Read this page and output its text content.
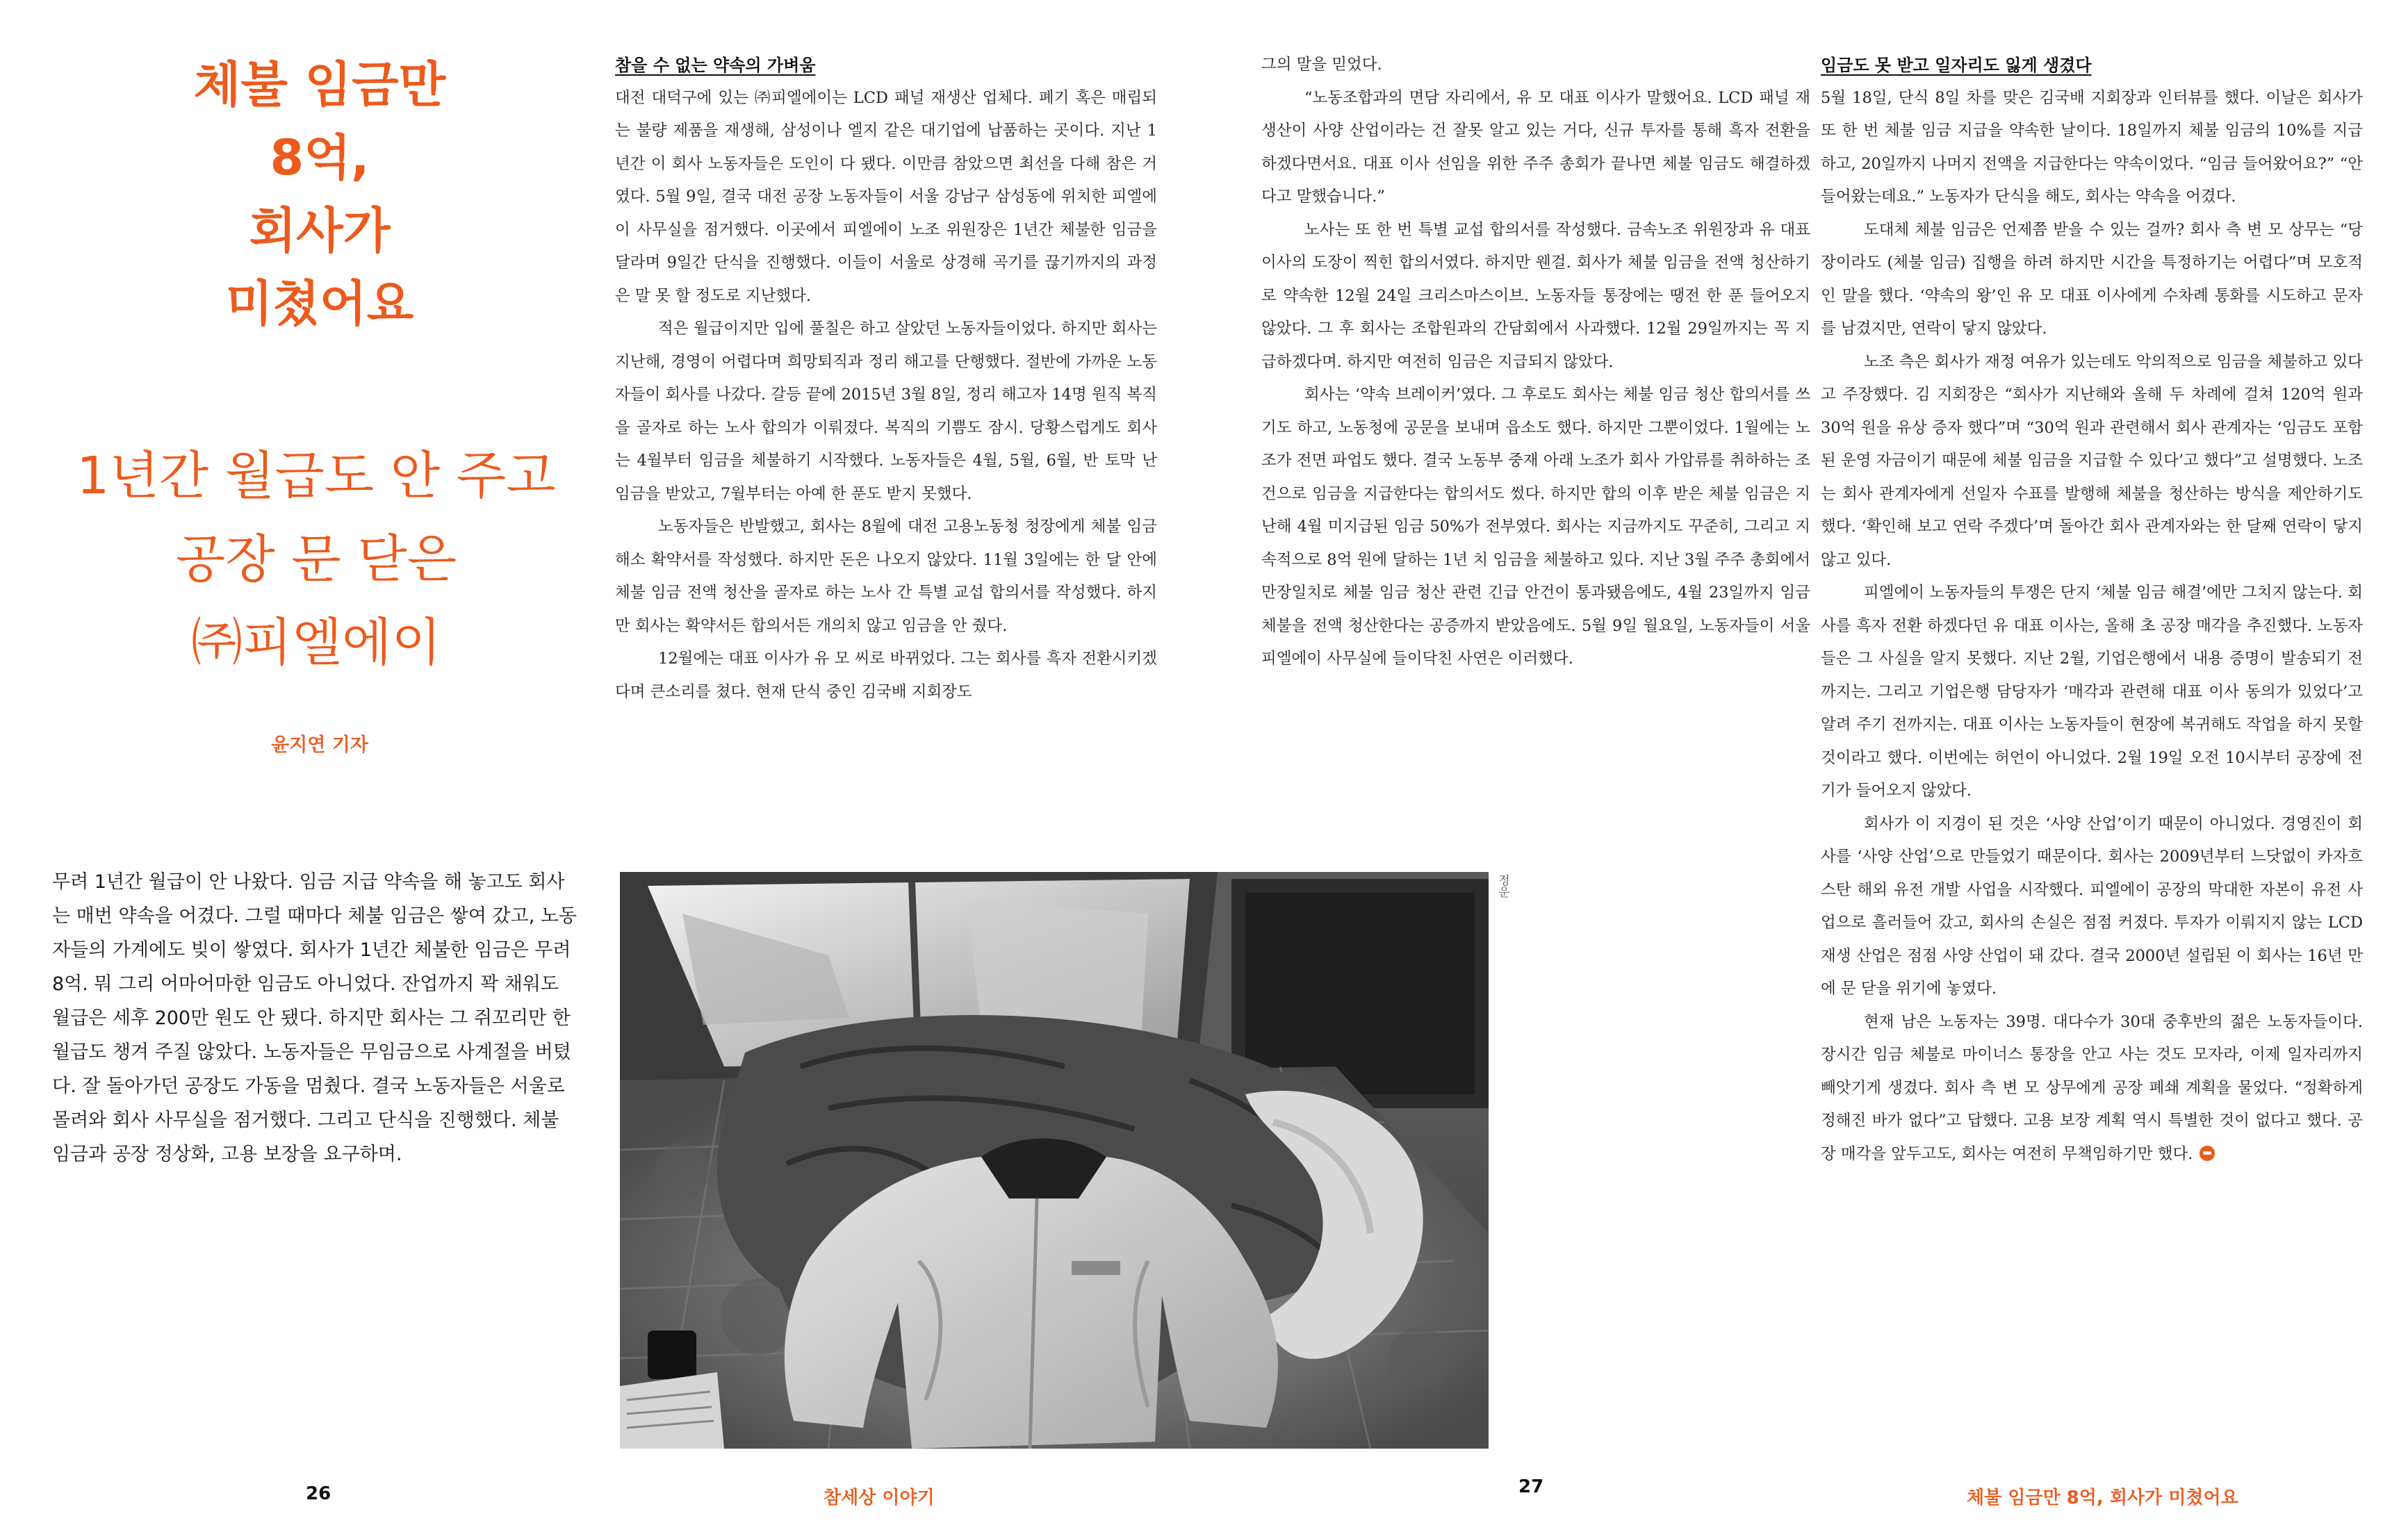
체불 임금만
8억,
회사가
미쳤어요
1년간 월급도 안 주고
공장 문 닫은
㈜피엘에이
윤지연 기자
무려 1년간 월급이 안 나왔다. 임금 지급 약속을 해 놓고도 회사는 매번 약속을 어겼다. 그럴 때마다 체불 임금은 쌓여 갔고, 노동자들의 가계에도 빚이 쌓였다. 회사가 1년간 체불한 임금은 무려 8억. 뭐 그리 어마어마한 임금도 아니었다. 잔업까지 꽉 채워도 월급은 세후 200만 원도 안 됐다. 하지만 회사는 그 쥐꼬리만 한 월급도 챙겨 주질 않았다. 노동자들은 무임금으로 사계절을 버텼다. 잘 돌아가던 공장도 가동을 멈췄다. 결국 노동자들은 서울로 몰려와 회사 사무실을 점거했다. 그리고 단식을 진행했다. 체불 임금과 공장 정상화, 고용 보장을 요구하며.
참을 수 없는 약속의 가벼움

대전 대덕구에 있는 ㈜피엘에이는 LCD 패널 재생산 업체다. 폐기 혹은 매립되는 불량 제품을 재생해, 삼성이나 엘지 같은 대기업에 납품하는 곳이다. 지난 1년간 이 회사 노동자들은 도인이 다 됐다. 이만큼 참았으면 최선을 다해 참은 거였다. 5월 9일, 결국 대전 공장 노동자들이 서울 강남구 삼성동에 위치한 피엘에이 사무실을 점거했다. 이곳에서 피엘에이 노조 위원장은 1년간 체불한 임금을 달라며 9일간 단식을 진행했다. 이들이 서울로 상경해 곡기를 끊기까지의 과정은 말 못 할 정도로 지난했다.

적은 월급이지만 입에 풀칠은 하고 살았던 노동자들이었다. 하지만 회사는 지난해, 경영이 어렵다며 희망퇴직과 정리 해고를 단행했다. 절반에 가까운 노동자들이 회사를 나갔다. 갈등 끝에 2015년 3월 8일, 정리 해고자 14명 원직 복직을 골자로 하는 노사 합의가 이뤄졌다. 복직의 기쁨도 잠시. 당황스럽게도 회사는 4월부터 임금을 체불하기 시작했다. 노동자들은 4월, 5월, 6월, 반 토막 난 임금을 받았고, 7월부터는 아예 한 푼도 받지 못했다.

노동자들은 반발했고, 회사는 8월에 대전 고용노동청 청장에게 체불 임금 해소 확약서를 작성했다. 하지만 돈은 나오지 않았다. 11월 3일에는 한 달 안에 체불 임금 전액 청산을 골자로 하는 노사 간 특별 교섭 합의서를 작성했다. 하지만 회사는 확약서든 합의서든 개의치 않고 임금을 안 줬다.

12월에는 대표 이사가 유 모 씨로 바뀌었다. 그는 회사를 흑자 전환시키겠다며 큰소리를 쳤다. 현재 단식 중인 김국배 지회장도

정운

그의 말을 믿었다.

“노동조합과의 면담 자리에서, 유 모 대표 이사가 말했어요. LCD 패널 재생산이 사양 산업이라는 건 잘못 알고 있는 거다, 신규 투자를 통해 흑자 전환을 하겠다면서요. 대표 이사 선임을 위한 주주 총회가 끝나면 체불 임금도 해결하겠다고 말했습니다.”

노사는 또 한 번 특별 교섭 합의서를 작성했다. 금속노조 위원장과 유 대표 이사의 도장이 찍힌 합의서였다. 하지만 웬걸. 회사가 체불 임금을 전액 청산하기로 약속한 12월 24일 크리스마스이브. 노동자들 통장에는 땡전 한 푼 들어오지 않았다. 그 후 회사는 조합원과의 간담회에서 사과했다. 12월 29일까지는 꼭 지급하겠다며. 하지만 여전히 임금은 지급되지 않았다.

회사는 ‘약속 브레이커’였다. 그 후로도 회사는 체불 임금 청산 합의서를 쓰기도 하고, 노동청에 공문을 보내며 읍소도 했다. 하지만 그뿐이었다. 1월에는 노조가 전면 파업도 했다. 결국 노동부 중재 아래 노조가 회사 가압류를 취하하는 조건으로 임금을 지급한다는 합의서도 썼다. 하지만 합의 이후 받은 체불 임금은 지난해 4월 미지급된 임금 50%가 전부였다. 회사는 지금까지도 꾸준히, 그리고 지속적으로 8억 원에 달하는 1년 치 임금을 체불하고 있다. 지난 3월 주주 총회에서 만장일치로 체불 임금 청산 관련 긴급 안건이 통과됐음에도, 4월 23일까지 임금 체불을 전액 청산한다는 공증까지 받았음에도. 5월 9일 월요일, 노동자들이 서울 피엘에이 사무실에 들이닥친 사연은 이러했다.

임금도 못 받고 일자리도 잃게 생겼다

5월 18일, 단식 8일 차를 맞은 김국배 지회장과 인터뷰를 했다. 이날은 회사가 또 한 번 체불 임금 지급을 약속한 날이다. 18일까지 체불 임금의 10%를 지급하고, 20일까지 나머지 전액을 지급한다는 약속이었다. “임금 들어왔어요?” “안 들어왔는데요.” 노동자가 단식을 해도, 회사는 약속을 어겼다.

도대체 체불 임금은 언제쯤 받을 수 있는 걸까? 회사 측 변 모 상무는 “당장이라도 (체불 임금) 집행을 하려 하지만 시간을 특정하기는 어렵다”며 모호적인 말을 했다. ‘약속의 왕’인 유 모 대표 이사에게 수차례 통화를 시도하고 문자를 남겼지만, 연락이 닿지 않았다.

노조 측은 회사가 재정 여유가 있는데도 악의적으로 임금을 체불하고 있다고 주장했다. 김 지회장은 “회사가 지난해와 올해 두 차례에 걸쳐 120억 원과 30억 원을 유상 증자 했다”며 “30억 원과 관련해서 회사 관계자는 ‘임금도 포함된 운영 자금이기 때문에 체불 임금을 지급할 수 있다’고 했다”고 설명했다. 노조는 회사 관계자에게 선일자 수표를 발행해 체불을 청산하는 방식을 제안하기도 했다. ‘확인해 보고 연락 주겠다’며 돌아간 회사 관계자와는 한 달째 연락이 닿지 않고 있다.

피엘에이 노동자들의 투쟁은 단지 ‘체불 임금 해결’에만 그치지 않는다. 회사를 흑자 전환 하겠다던 유 대표 이사는, 올해 초 공장 매각을 추진했다. 노동자들은 그 사실을 알지 못했다. 지난 2월, 기업은행에서 내용 증명이 발송되기 전까지는. 그리고 기업은행 담당자가 ‘매각과 관련해 대표 이사 동의가 있었다’고 알려 주기 전까지는. 대표 이사는 노동자들이 현장에 복귀해도 작업을 하지 못할 것이라고 했다. 이번에는 허언이 아니었다. 2월 19일 오전 10시부터 공장에 전기가 들어오지 않았다.

회사가 이 지경이 된 것은 ‘사양 산업’이기 때문이 아니었다. 경영진이 회사를 ‘사양 산업’으로 만들었기 때문이다. 회사는 2009년부터 느닷없이 카자흐스탄 해외 유전 개발 사업을 시작했다. 피엘에이 공장의 막대한 자본이 유전 사업으로 흘러들어 갔고, 회사의 손실은 점점 커졌다. 투자가 이뤄지지 않는 LCD 재생 산업은 점점 사양 산업이 돼 갔다. 결국 2000년 설립된 이 회사는 16년 만에 문 닫을 위기에 놓였다.

현재 남은 노동자는 39명. 대다수가 30대 중후반의 젊은 노동자들이다. 장시간 임금 체불로 마이너스 통장을 안고 사는 것도 모자라, 이제 일자리까지 빼앗기게 생겼다. 회사 측 변 모 상무에게 공장 폐쇄 계획을 물었다. “정확하게 정해진 바가 없다”고 답했다. 고용 보장 계획 역시 특별한 것이 없다고 했다. 공장 매각을 앞두고도, 회사는 여전히 무책임하기만 했다.

26	참세상 이야기
27
체불 임금만 8억, 회사가 미쳤어요
